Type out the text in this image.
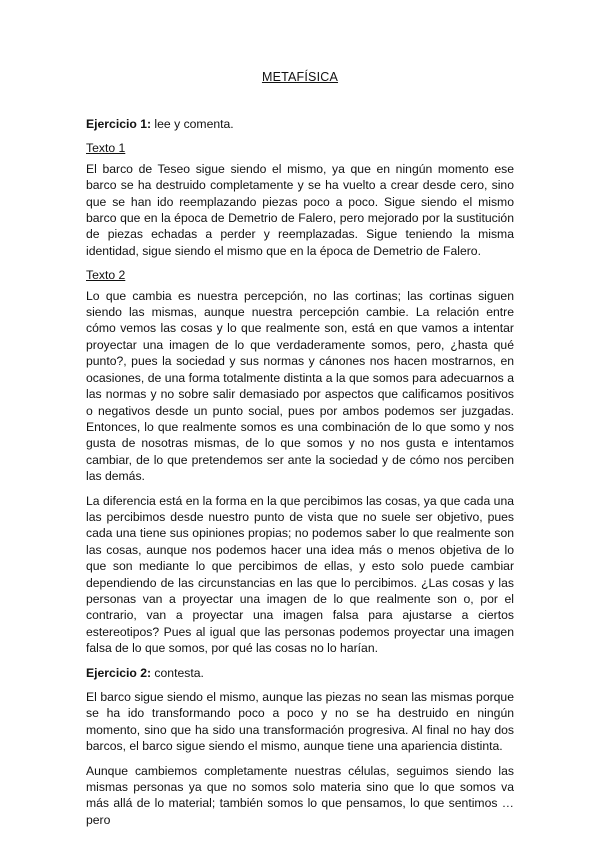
METAFÍSICA

Ejercicio 1: lee y comenta.

Texto 1

El barco de Teseo sigue siendo el mismo, ya que en ningún momento ese barco se ha destruido completamente y se ha vuelto a crear desde cero, sino que se han ido reemplazando piezas poco a poco. Sigue siendo el mismo barco que en la época de Demetrio de Falero, pero mejorado por la sustitución de piezas echadas a perder y reemplazadas. Sigue teniendo la misma identidad, sigue siendo el mismo que en la época de Demetrio de Falero.

Texto 2

Lo que cambia es nuestra percepción, no las cortinas; las cortinas siguen siendo las mismas, aunque nuestra percepción cambie. La relación entre cómo vemos las cosas y lo que realmente son, está en que vamos a intentar proyectar una imagen de lo que verdaderamente somos, pero, ¿hasta qué punto?, pues la sociedad y sus normas y cánones nos hacen mostrarnos, en ocasiones, de una forma totalmente distinta a la que somos para adecuarnos a las normas y no sobre salir demasiado por aspectos que calificamos positivos o negativos desde un punto social, pues por ambos podemos ser juzgadas. Entonces, lo que realmente somos es una combinación de lo que somo y nos gusta de nosotras mismas, de lo que somos y no nos gusta e intentamos cambiar, de lo que pretendemos ser ante la sociedad y de cómo nos perciben las demás.

La diferencia está en la forma en la que percibimos las cosas, ya que cada una las percibimos desde nuestro punto de vista que no suele ser objetivo, pues cada una tiene sus opiniones propias; no podemos saber lo que realmente son las cosas, aunque nos podemos hacer una idea más o menos objetiva de lo que son mediante lo que percibimos de ellas, y esto solo puede cambiar dependiendo de las circunstancias en las que lo percibimos. ¿Las cosas y las personas van a proyectar una imagen de lo que realmente son o, por el contrario, van a proyectar una imagen falsa para ajustarse a ciertos estereotipos? Pues al igual que las personas podemos proyectar una imagen falsa de lo que somos, por qué las cosas no lo harían.

Ejercicio 2: contesta.

El barco sigue siendo el mismo, aunque las piezas no sean las mismas porque se ha ido transformando poco a poco y no se ha destruido en ningún momento, sino que ha sido una transformación progresiva. Al final no hay dos barcos, el barco sigue siendo el mismo, aunque tiene una apariencia distinta.

Aunque cambiemos completamente nuestras células, seguimos siendo las mismas personas ya que no somos solo materia sino que lo que somos va más allá de lo material; también somos lo que pensamos, lo que sentimos … pero
